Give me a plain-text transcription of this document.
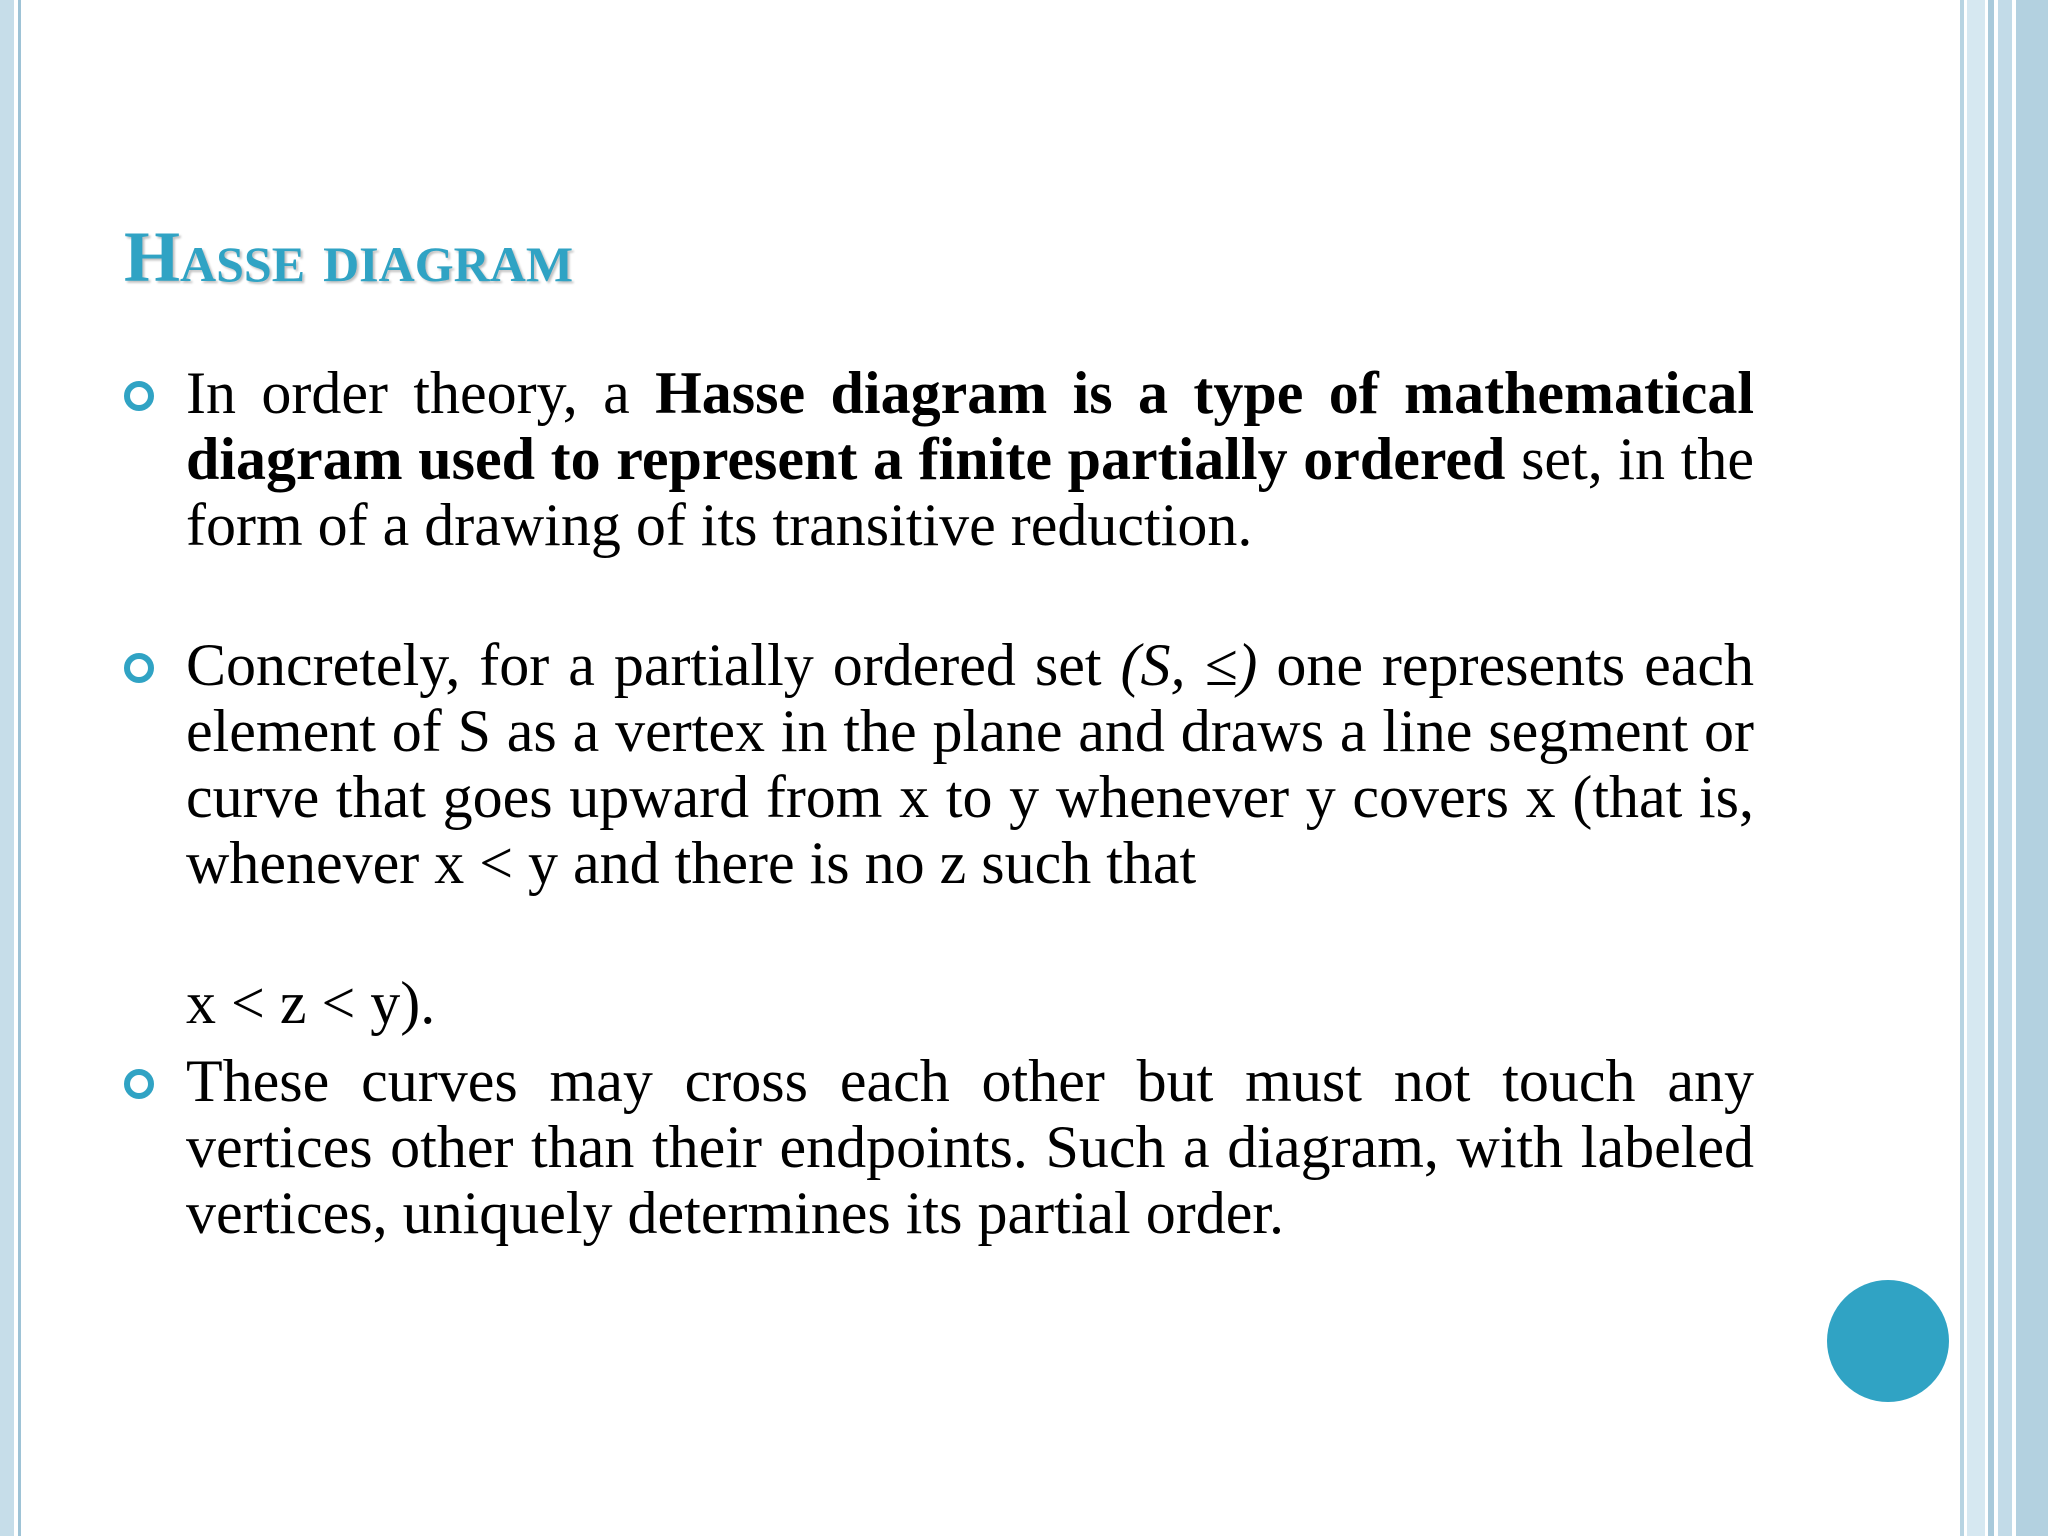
Hasse diagram
In order theory, a Hasse diagram is a type of mathematical diagram used to represent a finite partially ordered set, in the form of a drawing of its transitive reduction.
Concretely, for a partially ordered set (S, ≤) one represents each element of S as a vertex in the plane and draws a line segment or curve that goes upward from x to y whenever y covers x (that is, whenever x < y and there is no z such that
x < z < y).
These curves may cross each other but must not touch any vertices other than their endpoints. Such a diagram, with labeled vertices, uniquely determines its partial order.
